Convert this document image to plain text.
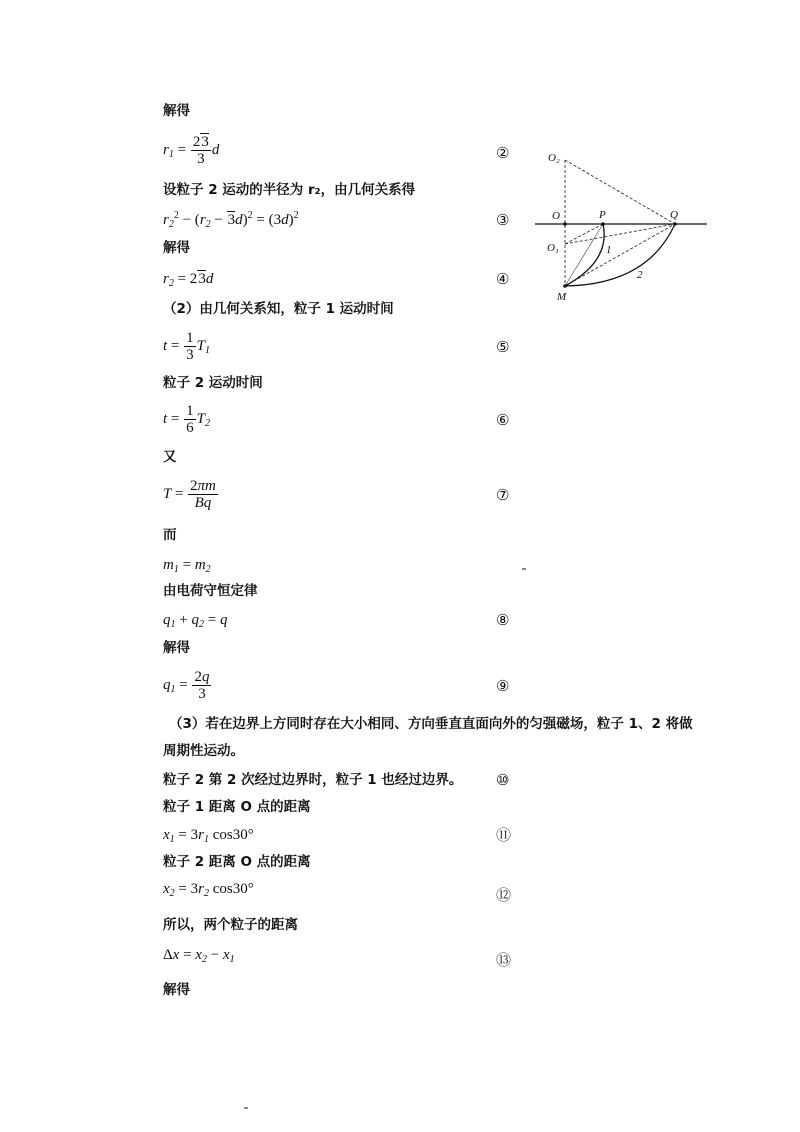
解得
$r_1 = \frac{23}{3}$ d	②
设粒子 2 运动的半径为 r₂，由几何关系得
$r_2^2 - (r_2 - 3d)^2 = (3d)^2$	③
解得
$r_2 = 23d$	④
（2）由几何关系知，粒子 1 运动时间
$t = \frac{1}{3} T_1$	⑤
粒子 2 运动时间
$t = \frac{1}{6} T_2$	⑥
又
$T = \frac{2\pi m}{Bq}$	⑦
而
$m_1 = m_2$
由电荷守恒定律
$q_1 + q_2 = q$	⑧
解得
$q_1 = \frac{2q}{3}$	⑨
（3）若在边界上方同时存在大小相同、方向垂直直面向外的匀强磁场，粒子 1、2 将做
周期性运动。
粒子 2 第 2 次经过边界时，粒子 1 也经过边界。 ⑩
粒子 1 距离 O 点的距离
$x_1 = 3r_1$ cos30°	⑪
粒子 2 距离 O 点的距离
$x_2 = 3r_2$ cos30°	⑫
所以，两个粒子的距离
$\Delta x = x_2 - x_1$	⑬
解得
O₂
O	P	Q
O₁
M
1
2
